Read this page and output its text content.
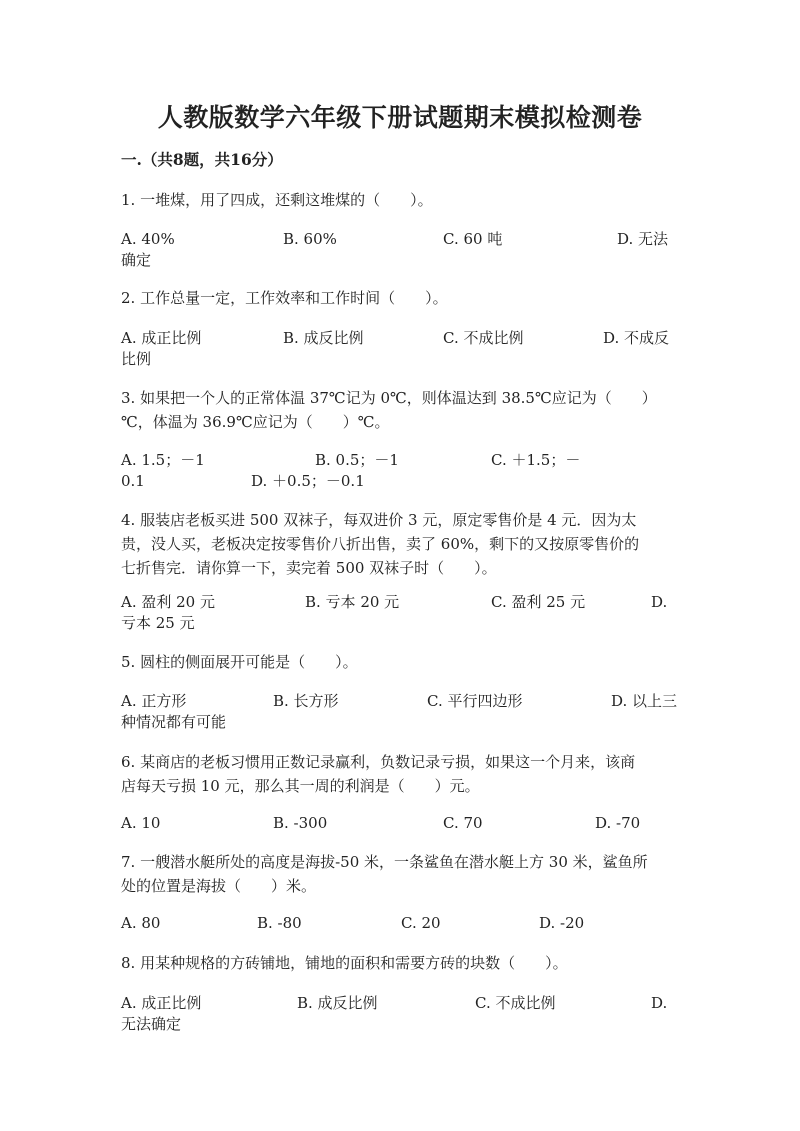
人教版数学六年级下册试题期末模拟检测卷
一.（共8题，共16分）
1. 一堆煤，用了四成，还剩这堆煤的（　　）。
A. 40%	B. 60%	C. 60 吨	D. 无法
确定
2. 工作总量一定，工作效率和工作时间（　　）。
A. 成正比例	B. 成反比例	C. 不成比例	D. 不成反
比例
3. 如果把一个人的正常体温 37℃记为 0℃，则体温达到 38.5℃应记为（　　）
℃，体温为 36.9℃应记为（　　）℃。
A. 1.5；－1	B. 0.5；－1	C. ＋1.5；－
D. ＋0.5；－0.1
0.1
4. 服装店老板买进 500 双袜子，每双进价 3 元，原定零售价是 4 元．因为太
贵，没人买，老板决定按零售价八折出售，卖了 60%，剩下的又按原零售价的
七折售完．请你算一下，卖完着 500 双袜子时（　　）。
A. 盈利 20 元	B. 亏本 20 元	C. 盈利 25 元	D.
亏本 25 元
5. 圆柱的侧面展开可能是（　　）。
A. 正方形	B. 长方形	C. 平行四边形	D. 以上三
种情况都有可能
6. 某商店的老板习惯用正数记录赢利，负数记录亏损，如果这一个月来，该商
店每天亏损 10 元，那么其一周的利润是（　　）元。
A. 10	B. -300	C. 70	D. -70
7. 一艘潜水艇所处的高度是海拔-50 米，一条鲨鱼在潜水艇上方 30 米，鲨鱼所
处的位置是海拔（　　）米。
A. 80	B. -80	C. 20	D. -20
8. 用某种规格的方砖铺地，铺地的面积和需要方砖的块数（　　）。
A. 成正比例	B. 成反比例	C. 不成比例	D.
无法确定
